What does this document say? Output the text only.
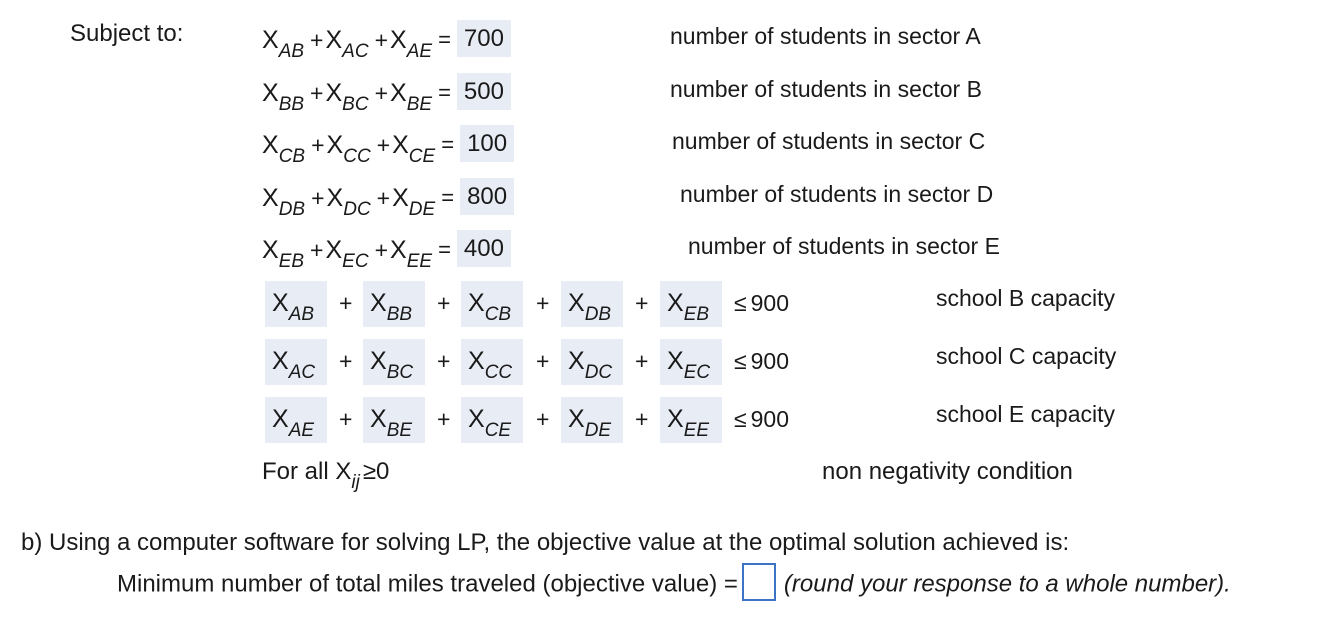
Subject to:	XAB +XAC +XAE = 700	number of students in sector A
XBB +XBC +XBE = 500	number of students in sector B
XCB +XCC +XCE = 100	number of students in sector C
XDB +XDC +XDE = 800	number of students in sector D
XEB +XEC +XEE = 400	number of students in sector E
$X_{AB} + X_{BB} + X_{CB} + X_{DB} + X_{EB} \le 900$	school B capacity
$X_{AC} + X_{BC} + X_{CC} + X_{DC} + X_{EC} \le 900$	school C capacity
$X_{AE} + X_{BE} + X_{CE} + X_{DE} + X_{EE} \le 900$	school E capacity
For all $X_{ij} \ge 0$	non negativity condition
b) Using a computer software for solving LP, the objective value at the optimal solution achieved is:
Minimum number of total miles traveled (objective value) = (round your response to a whole number).
